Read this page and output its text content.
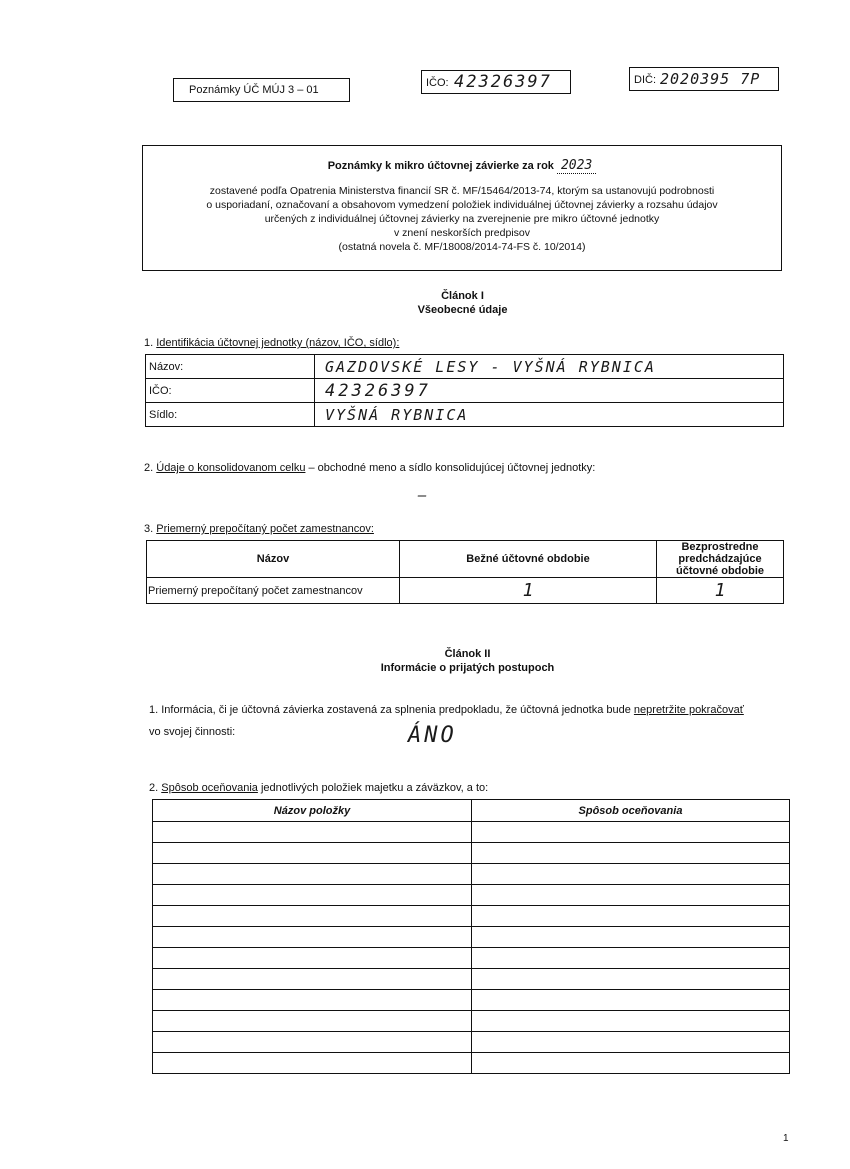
Poznámky ÚČ MÚJ 3 – 01
IČO: 42326397	DIČ: 2020395 7P
Poznámky k mikro účtovnej závierke za rok 2023
zostavené podľa Opatrenia Ministerstva financií SR č. MF/15464/2013-74, ktorým sa ustanovujú podrobnosti
o usporiadaní, označovaní a obsahovom vymedzení položiek individuálnej účtovnej závierky a rozsahu údajov
určených z individuálnej účtovnej závierky na zverejnenie pre mikro účtovné jednotky
v znení neskorších predpisov
(ostatná novela č. MF/18008/2014-74-FS č. 10/2014)
Článok I
Všeobecné údaje
1. Identifikácia účtovnej jednotky (názov, IČO, sídlo):
Názov:	GAZDOVSKÉ LESY - VYŠNÁ RYBNICA
IČO:	42326397
Sídlo:	VYŠNÁ RYBNICA
2. Údaje o konsolidovanom celku – obchodné meno a sídlo konsolidujúcej účtovnej jednotky:
—
3. Priemerný prepočítaný počet zamestnancov:
Názov	Bežné účtovné obdobie	Bezprostredne predchádzajúce účtovné obdobie
Priemerný prepočítaný počet zamestnancov	1	1
Článok II
Informácie o prijatých postupoch
1. Informácia, či je účtovná závierka zostavená za splnenia predpokladu, že účtovná jednotka bude nepretržite pokračovať
vo svojej činnosti:	ÁNO
2. Spôsob oceňovania jednotlivých položiek majetku a záväzkov, a to:
Názov položky	Spôsob oceňovania

1
